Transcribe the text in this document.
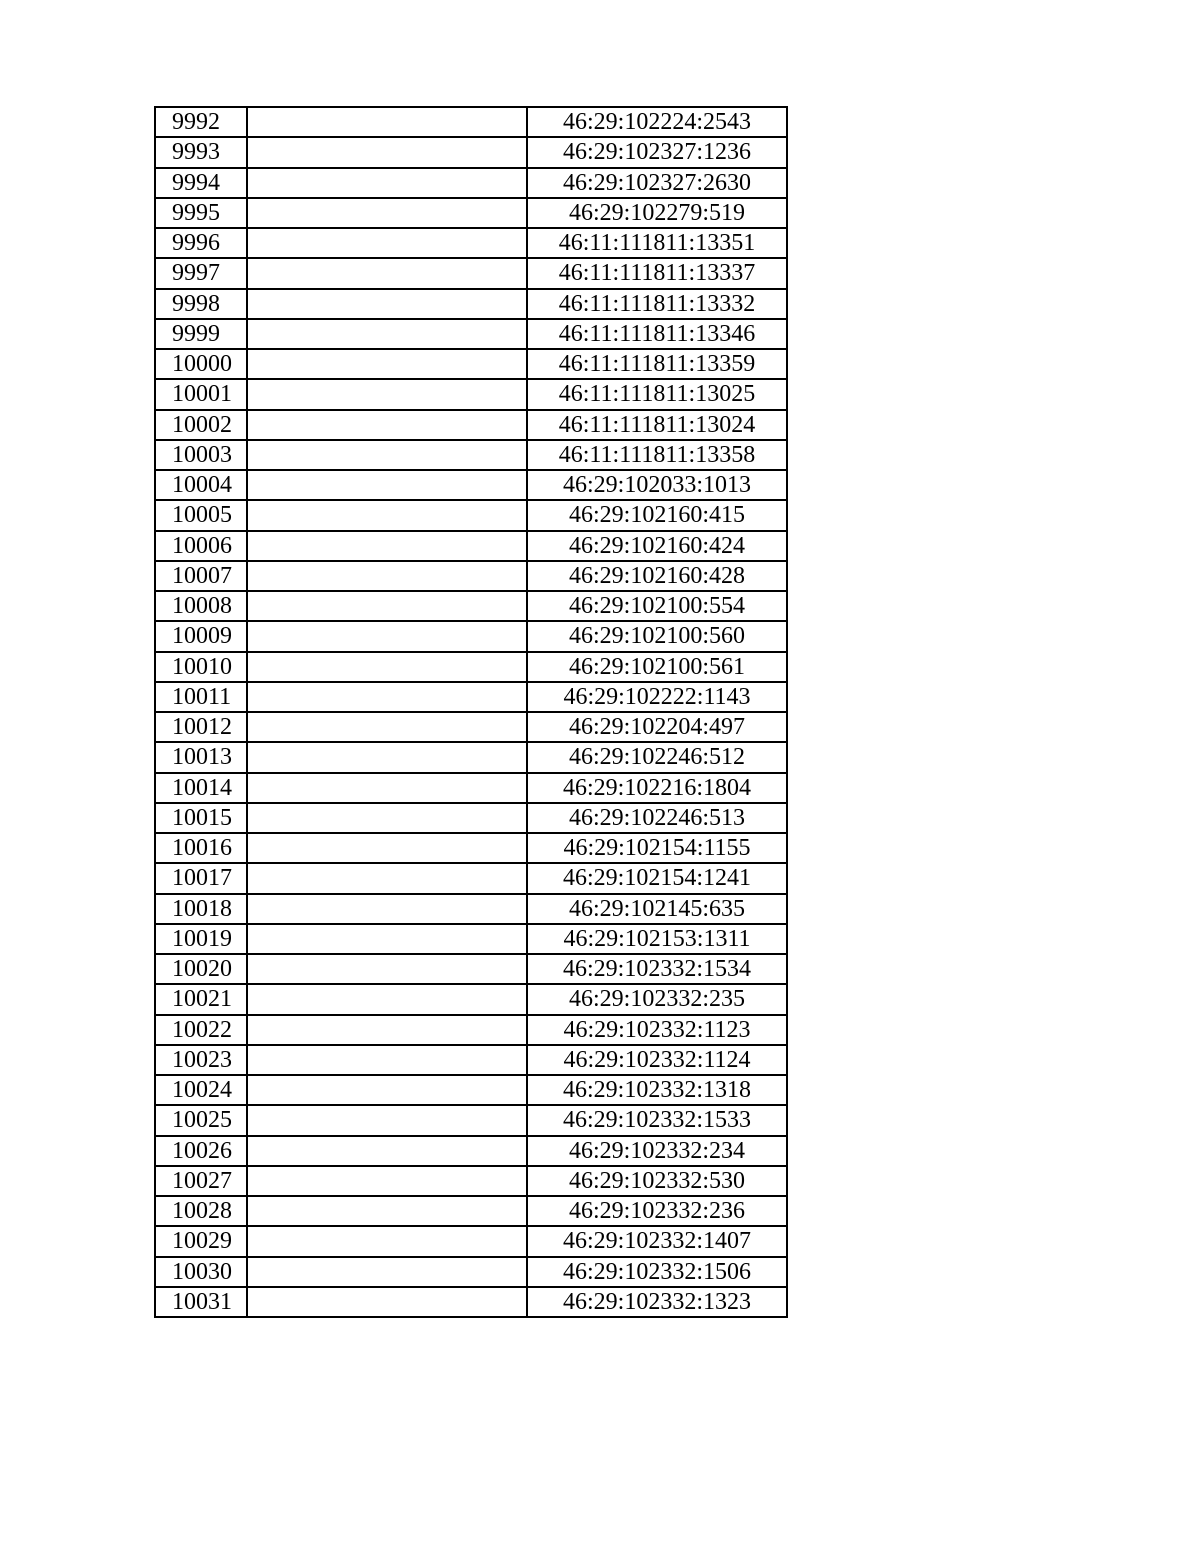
9992		46:29:102224:2543
9993		46:29:102327:1236
9994		46:29:102327:2630
9995		46:29:102279:519
9996		46:11:111811:13351
9997		46:11:111811:13337
9998		46:11:111811:13332
9999		46:11:111811:13346
10000		46:11:111811:13359
10001		46:11:111811:13025
10002		46:11:111811:13024
10003		46:11:111811:13358
10004		46:29:102033:1013
10005		46:29:102160:415
10006		46:29:102160:424
10007		46:29:102160:428
10008		46:29:102100:554
10009		46:29:102100:560
10010		46:29:102100:561
10011		46:29:102222:1143
10012		46:29:102204:497
10013		46:29:102246:512
10014		46:29:102216:1804
10015		46:29:102246:513
10016		46:29:102154:1155
10017		46:29:102154:1241
10018		46:29:102145:635
10019		46:29:102153:1311
10020		46:29:102332:1534
10021		46:29:102332:235
10022		46:29:102332:1123
10023		46:29:102332:1124
10024		46:29:102332:1318
10025		46:29:102332:1533
10026		46:29:102332:234
10027		46:29:102332:530
10028		46:29:102332:236
10029		46:29:102332:1407
10030		46:29:102332:1506
10031		46:29:102332:1323
